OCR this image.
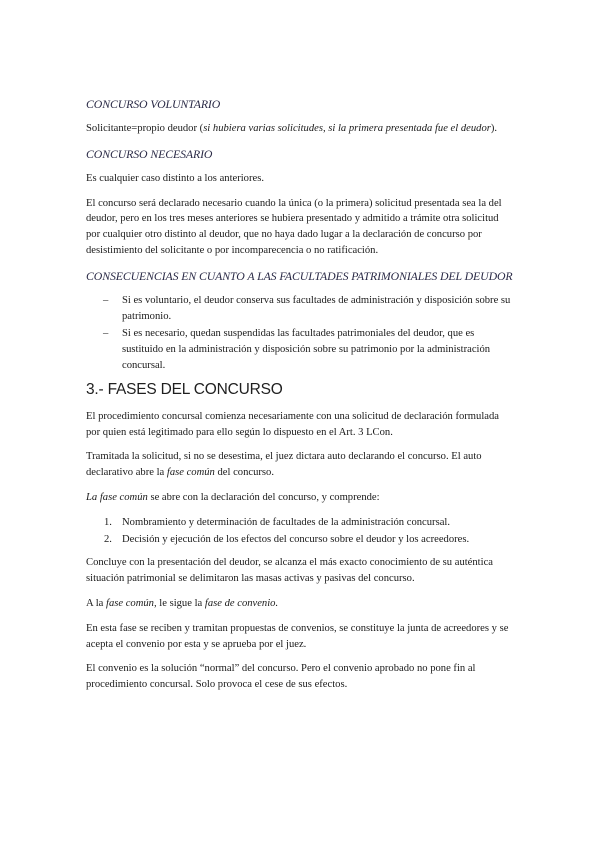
CONCURSO VOLUNTARIO

Solicitante=propio deudor (si hubiera varias solicitudes, si la primera presentada fue el deudor).

CONCURSO NECESARIO

Es cualquier caso distinto a los anteriores.

El concurso será declarado necesario cuando la única (o la primera) solicitud presentada sea la del deudor, pero en los tres meses anteriores se hubiera presentado y admitido a trámite otra solicitud por cualquier otro distinto al deudor, que no haya dado lugar a la declaración de concurso por desistimiento del solicitante o por incomparecencia o no ratificación.

CONSECUENCIAS EN CUANTO A LAS FACULTADES PATRIMONIALES DEL DEUDOR
– Si es voluntario, el deudor conserva sus facultades de administración y disposición sobre su patrimonio.
– Si es necesario, quedan suspendidas las facultades patrimoniales del deudor, que es sustituido en la administración y disposición sobre su patrimonio por la administración concursal.
3.- FASES DEL CONCURSO

El procedimiento concursal comienza necesariamente con una solicitud de declaración formulada por quien está legitimado para ello según lo dispuesto en el Art. 3 LCon.

Tramitada la solicitud, si no se desestima, el juez dictara auto declarando el concurso. El auto declarativo abre la fase común del concurso.

La fase común se abre con la declaración del concurso, y comprende:

1. Nombramiento y determinación de facultades de la administración concursal.
2. Decisión y ejecución de los efectos del concurso sobre el deudor y los acreedores.

Concluye con la presentación del deudor, se alcanza el más exacto conocimiento de su auténtica situación patrimonial se delimitaron las masas activas y pasivas del concurso.

A la fase común, le sigue la fase de convenio.

En esta fase se reciben y tramitan propuestas de convenios, se constituye la junta de acreedores y se acepta el convenio por esta y se aprueba por el juez.

El convenio es la solución “normal” del concurso. Pero el convenio aprobado no pone fin al procedimiento concursal. Solo provoca el cese de sus efectos.
